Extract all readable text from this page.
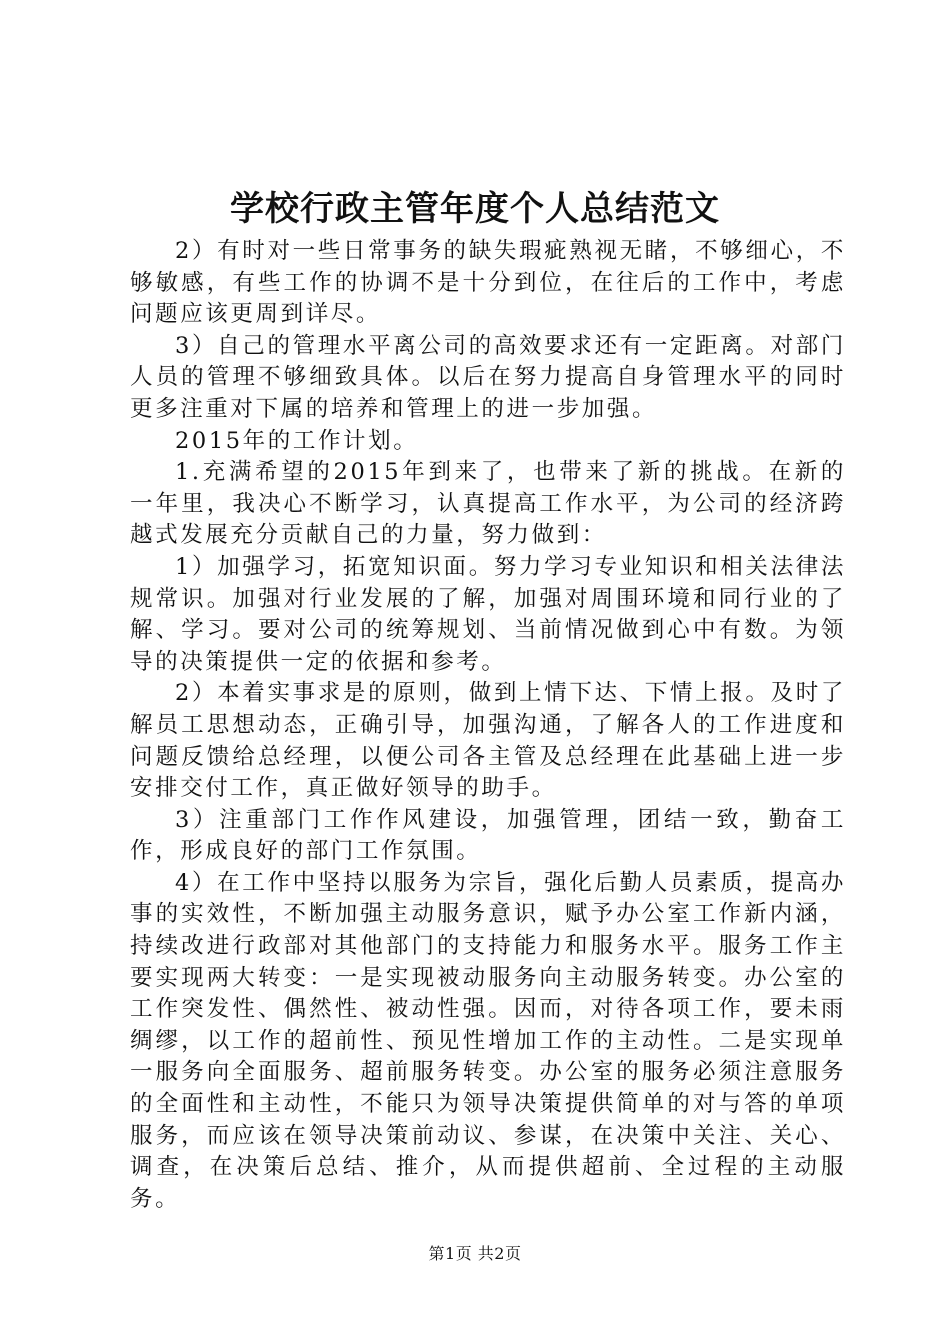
学校行政主管年度个人总结范文

2）有时对一些日常事务的缺失瑕疵熟视无睹，不够细心，不够敏感，有些工作的协调不是十分到位，在往后的工作中，考虑问题应该更周到详尽。

3）自己的管理水平离公司的高效要求还有一定距离。对部门人员的管理不够细致具体。以后在努力提高自身管理水平的同时更多注重对下属的培养和管理上的进一步加强。

2015年的工作计划。

1.充满希望的2015年到来了，也带来了新的挑战。在新的一年里，我决心不断学习，认真提高工作水平，为公司的经济跨越式发展充分贡献自己的力量，努力做到：

1）加强学习，拓宽知识面。努力学习专业知识和相关法律法规常识。加强对行业发展的了解，加强对周围环境和同行业的了解、学习。要对公司的统筹规划、当前情况做到心中有数。为领导的决策提供一定的依据和参考。

2）本着实事求是的原则，做到上情下达、下情上报。及时了解员工思想动态，正确引导，加强沟通，了解各人的工作进度和问题反馈给总经理，以便公司各主管及总经理在此基础上进一步安排交付工作，真正做好领导的助手。

3）注重部门工作作风建设，加强管理，团结一致，勤奋工作，形成良好的部门工作氛围。

4）在工作中坚持以服务为宗旨，强化后勤人员素质，提高办事的实效性，不断加强主动服务意识，赋予办公室工作新内涵，持续改进行政部对其他部门的支持能力和服务水平。服务工作主要实现两大转变：一是实现被动服务向主动服务转变。办公室的工作突发性、偶然性、被动性强。因而，对待各项工作，要未雨绸缪，以工作的超前性、预见性增加工作的主动性。二是实现单一服务向全面服务、超前服务转变。办公室的服务必须注意服务的全面性和主动性，不能只为领导决策提供简单的对与答的单项服务，而应该在领导决策前动议、参谋，在决策中关注、关心、调查，在决策后总结、推介，从而提供超前、全过程的主动服务。

第1页 共2页
